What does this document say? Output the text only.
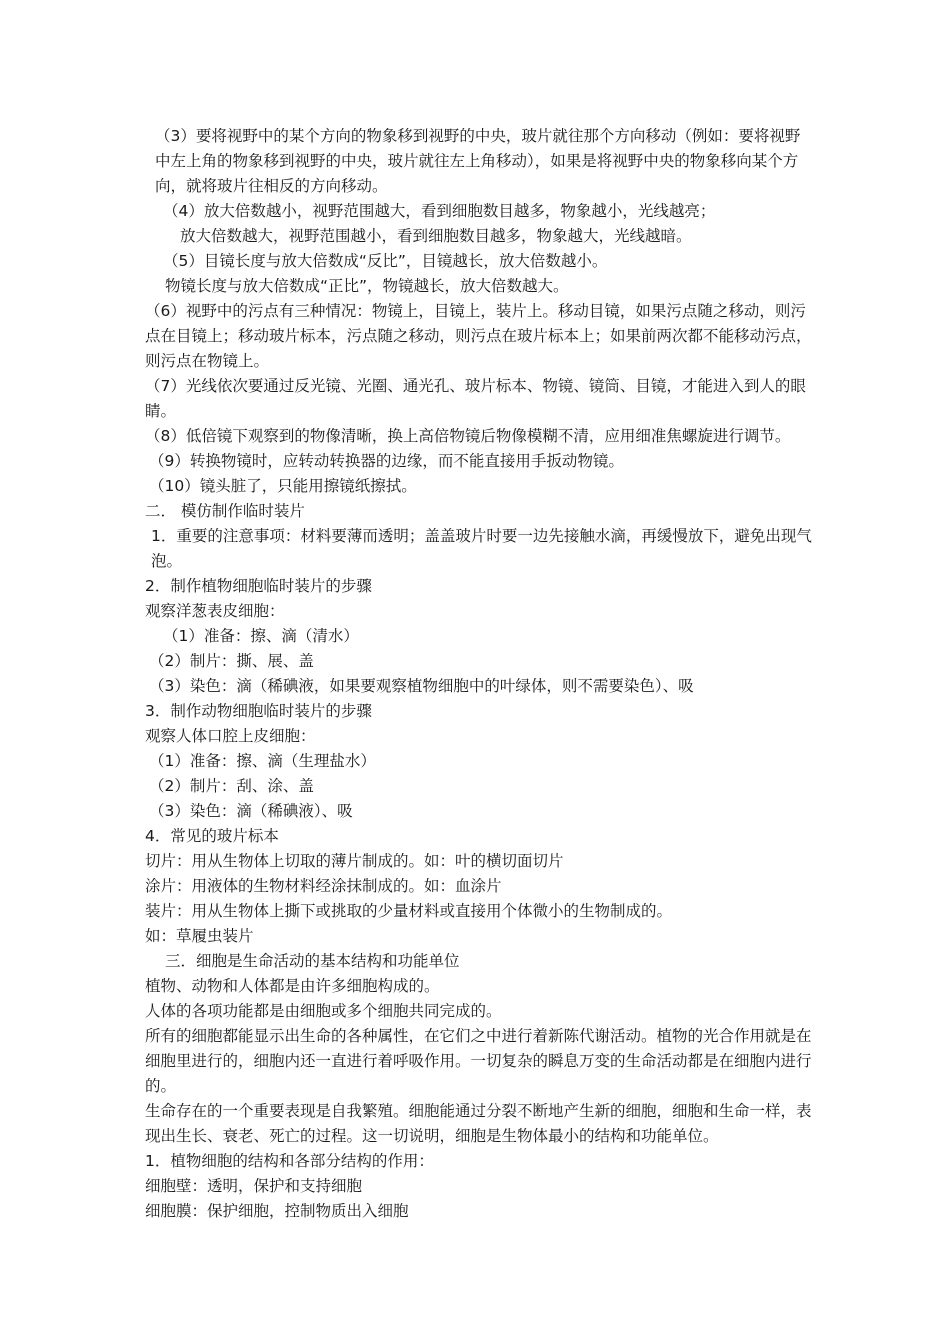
（3）要将视野中的某个方向的物象移到视野的中央，玻片就往那个方向移动（例如：要将视野中左上角的物象移到视野的中央，玻片就往左上角移动），如果是将视野中央的物象移向某个方向，就将玻片往相反的方向移动。

（4）放大倍数越小，视野范围越大，看到细胞数目越多，物象越小，光线越亮；

放大倍数越大，视野范围越小，看到细胞数目越多，物象越大，光线越暗。

（5）目镜长度与放大倍数成“反比”，目镜越长，放大倍数越小。

物镜长度与放大倍数成“正比”，物镜越长，放大倍数越大。

（6）视野中的污点有三种情况：物镜上，目镜上，装片上。移动目镜，如果污点随之移动，则污点在目镜上；移动玻片标本，污点随之移动，则污点在玻片标本上；如果前两次都不能移动污点，则污点在物镜上。

（7）光线依次要通过反光镜、光圈、通光孔、玻片标本、物镜、镜筒、目镜，才能进入到人的眼睛。

（8）低倍镜下观察到的物像清晰，换上高倍物镜后物像模糊不清，应用细准焦螺旋进行调节。

（9）转换物镜时，应转动转换器的边缘，而不能直接用手扳动物镜。

（10）镜头脏了，只能用擦镜纸擦拭。

二． 模仿制作临时装片

1．重要的注意事项：材料要薄而透明；盖盖玻片时要一边先接触水滴，再缓慢放下，避免出现气泡。

2．制作植物细胞临时装片的步骤

观察洋葱表皮细胞：

（1）准备：擦、滴（清水）

（2）制片：撕、展、盖

（3）染色：滴（稀碘液，如果要观察植物细胞中的叶绿体，则不需要染色）、吸

3．制作动物细胞临时装片的步骤

观察人体口腔上皮细胞：

（1）准备：擦、滴（生理盐水）

（2）制片：刮、涂、盖

（3）染色：滴（稀碘液）、吸

4．常见的玻片标本

切片：用从生物体上切取的薄片制成的。如：叶的横切面切片

涂片：用液体的生物材料经涂抹制成的。如：血涂片

装片：用从生物体上撕下或挑取的少量材料或直接用个体微小的生物制成的。

如：草履虫装片

三．细胞是生命活动的基本结构和功能单位

植物、动物和人体都是由许多细胞构成的。

人体的各项功能都是由细胞或多个细胞共同完成的。

所有的细胞都能显示出生命的各种属性，在它们之中进行着新陈代谢活动。植物的光合作用就是在细胞里进行的，细胞内还一直进行着呼吸作用。一切复杂的瞬息万变的生命活动都是在细胞内进行的。

生命存在的一个重要表现是自我繁殖。细胞能通过分裂不断地产生新的细胞，细胞和生命一样，表现出生长、衰老、死亡的过程。这一切说明，细胞是生物体最小的结构和功能单位。

1．植物细胞的结构和各部分结构的作用：

细胞壁：透明，保护和支持细胞

细胞膜：保护细胞，控制物质出入细胞
